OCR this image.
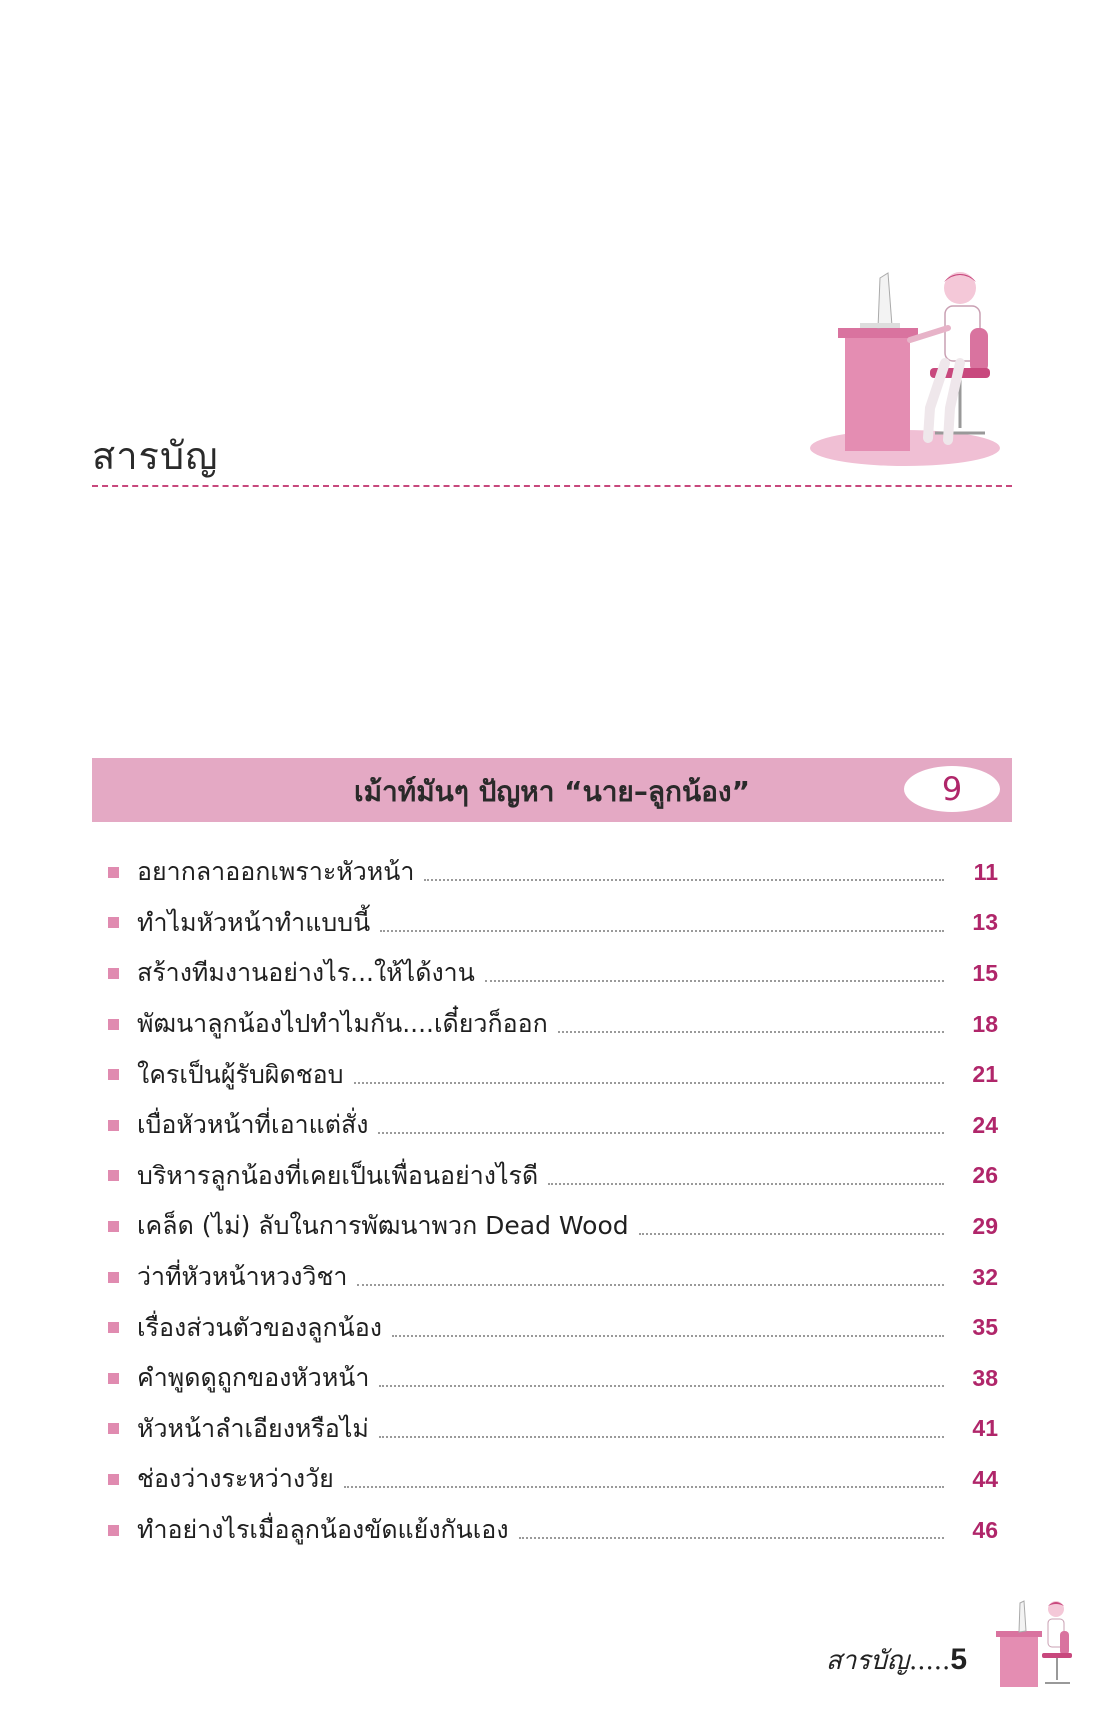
สารบัญ
เม้าท์มันๆ ปัญหา “นาย–ลูกน้อง”	9
อยากลาออกเพราะหัวหน้า	11
ทำไมหัวหน้าทำแบบนี้	13
สร้างทีมงานอย่างไร...ให้ได้งาน	15
พัฒนาลูกน้องไปทำไมกัน....เดี๋ยวก็ออก	18
ใครเป็นผู้รับผิดชอบ	21
เบื่อหัวหน้าที่เอาแต่สั่ง	24
บริหารลูกน้องที่เคยเป็นเพื่อนอย่างไรดี	26
เคล็ด (ไม่) ลับในการพัฒนาพวก Dead Wood	29
ว่าที่หัวหน้าหวงวิชา	32
เรื่องส่วนตัวของลูกน้อง	35
คำพูดดูถูกของหัวหน้า	38
หัวหน้าลำเอียงหรือไม่	41
ช่องว่างระหว่างวัย	44
ทำอย่างไรเมื่อลูกน้องขัดแย้งกันเอง	46
สารบัญ.....5
